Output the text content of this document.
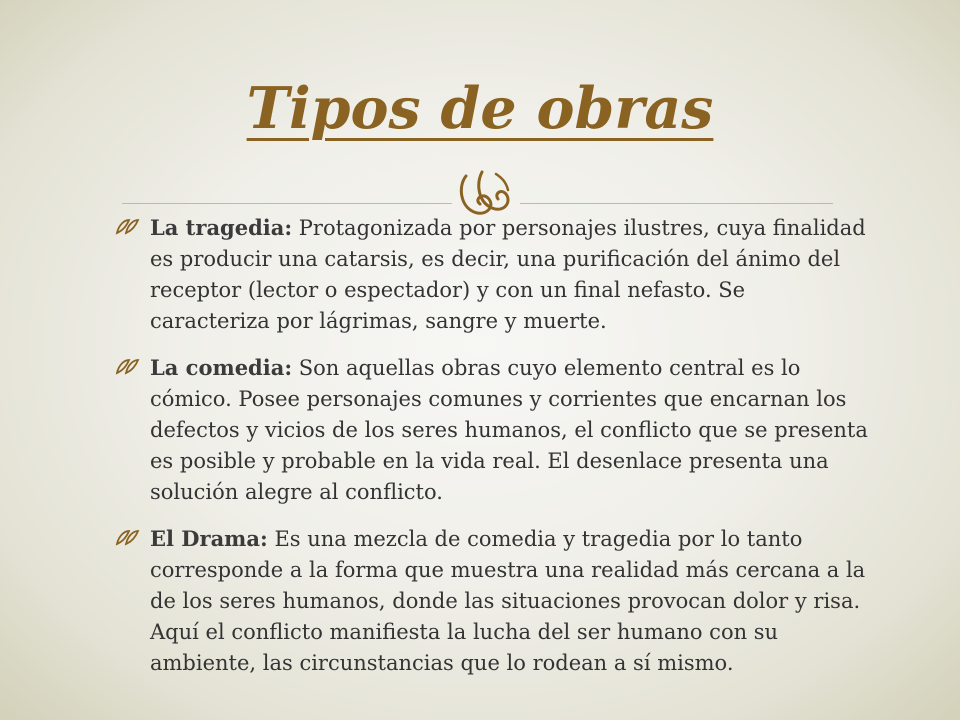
Tipos de obras
La tragedia: Protagonizada por personajes ilustres, cuya finalidad es producir una catarsis, es decir, una purificación del ánimo del receptor (lector o espectador) y con un final nefasto. Se caracteriza por lágrimas, sangre y muerte.
La comedia: Son aquellas obras cuyo elemento central es lo cómico. Posee personajes comunes y corrientes que encarnan los defectos y vicios de los seres humanos, el conflicto que se presenta es posible y probable en la vida real. El desenlace presenta una solución alegre al conflicto.
El Drama: Es una mezcla de comedia y tragedia por lo tanto corresponde a la forma que muestra una realidad más cercana a la de los seres humanos, donde las situaciones provocan dolor y risa. Aquí el conflicto manifiesta la lucha del ser humano con su ambiente, las circunstancias que lo rodean a sí mismo.
